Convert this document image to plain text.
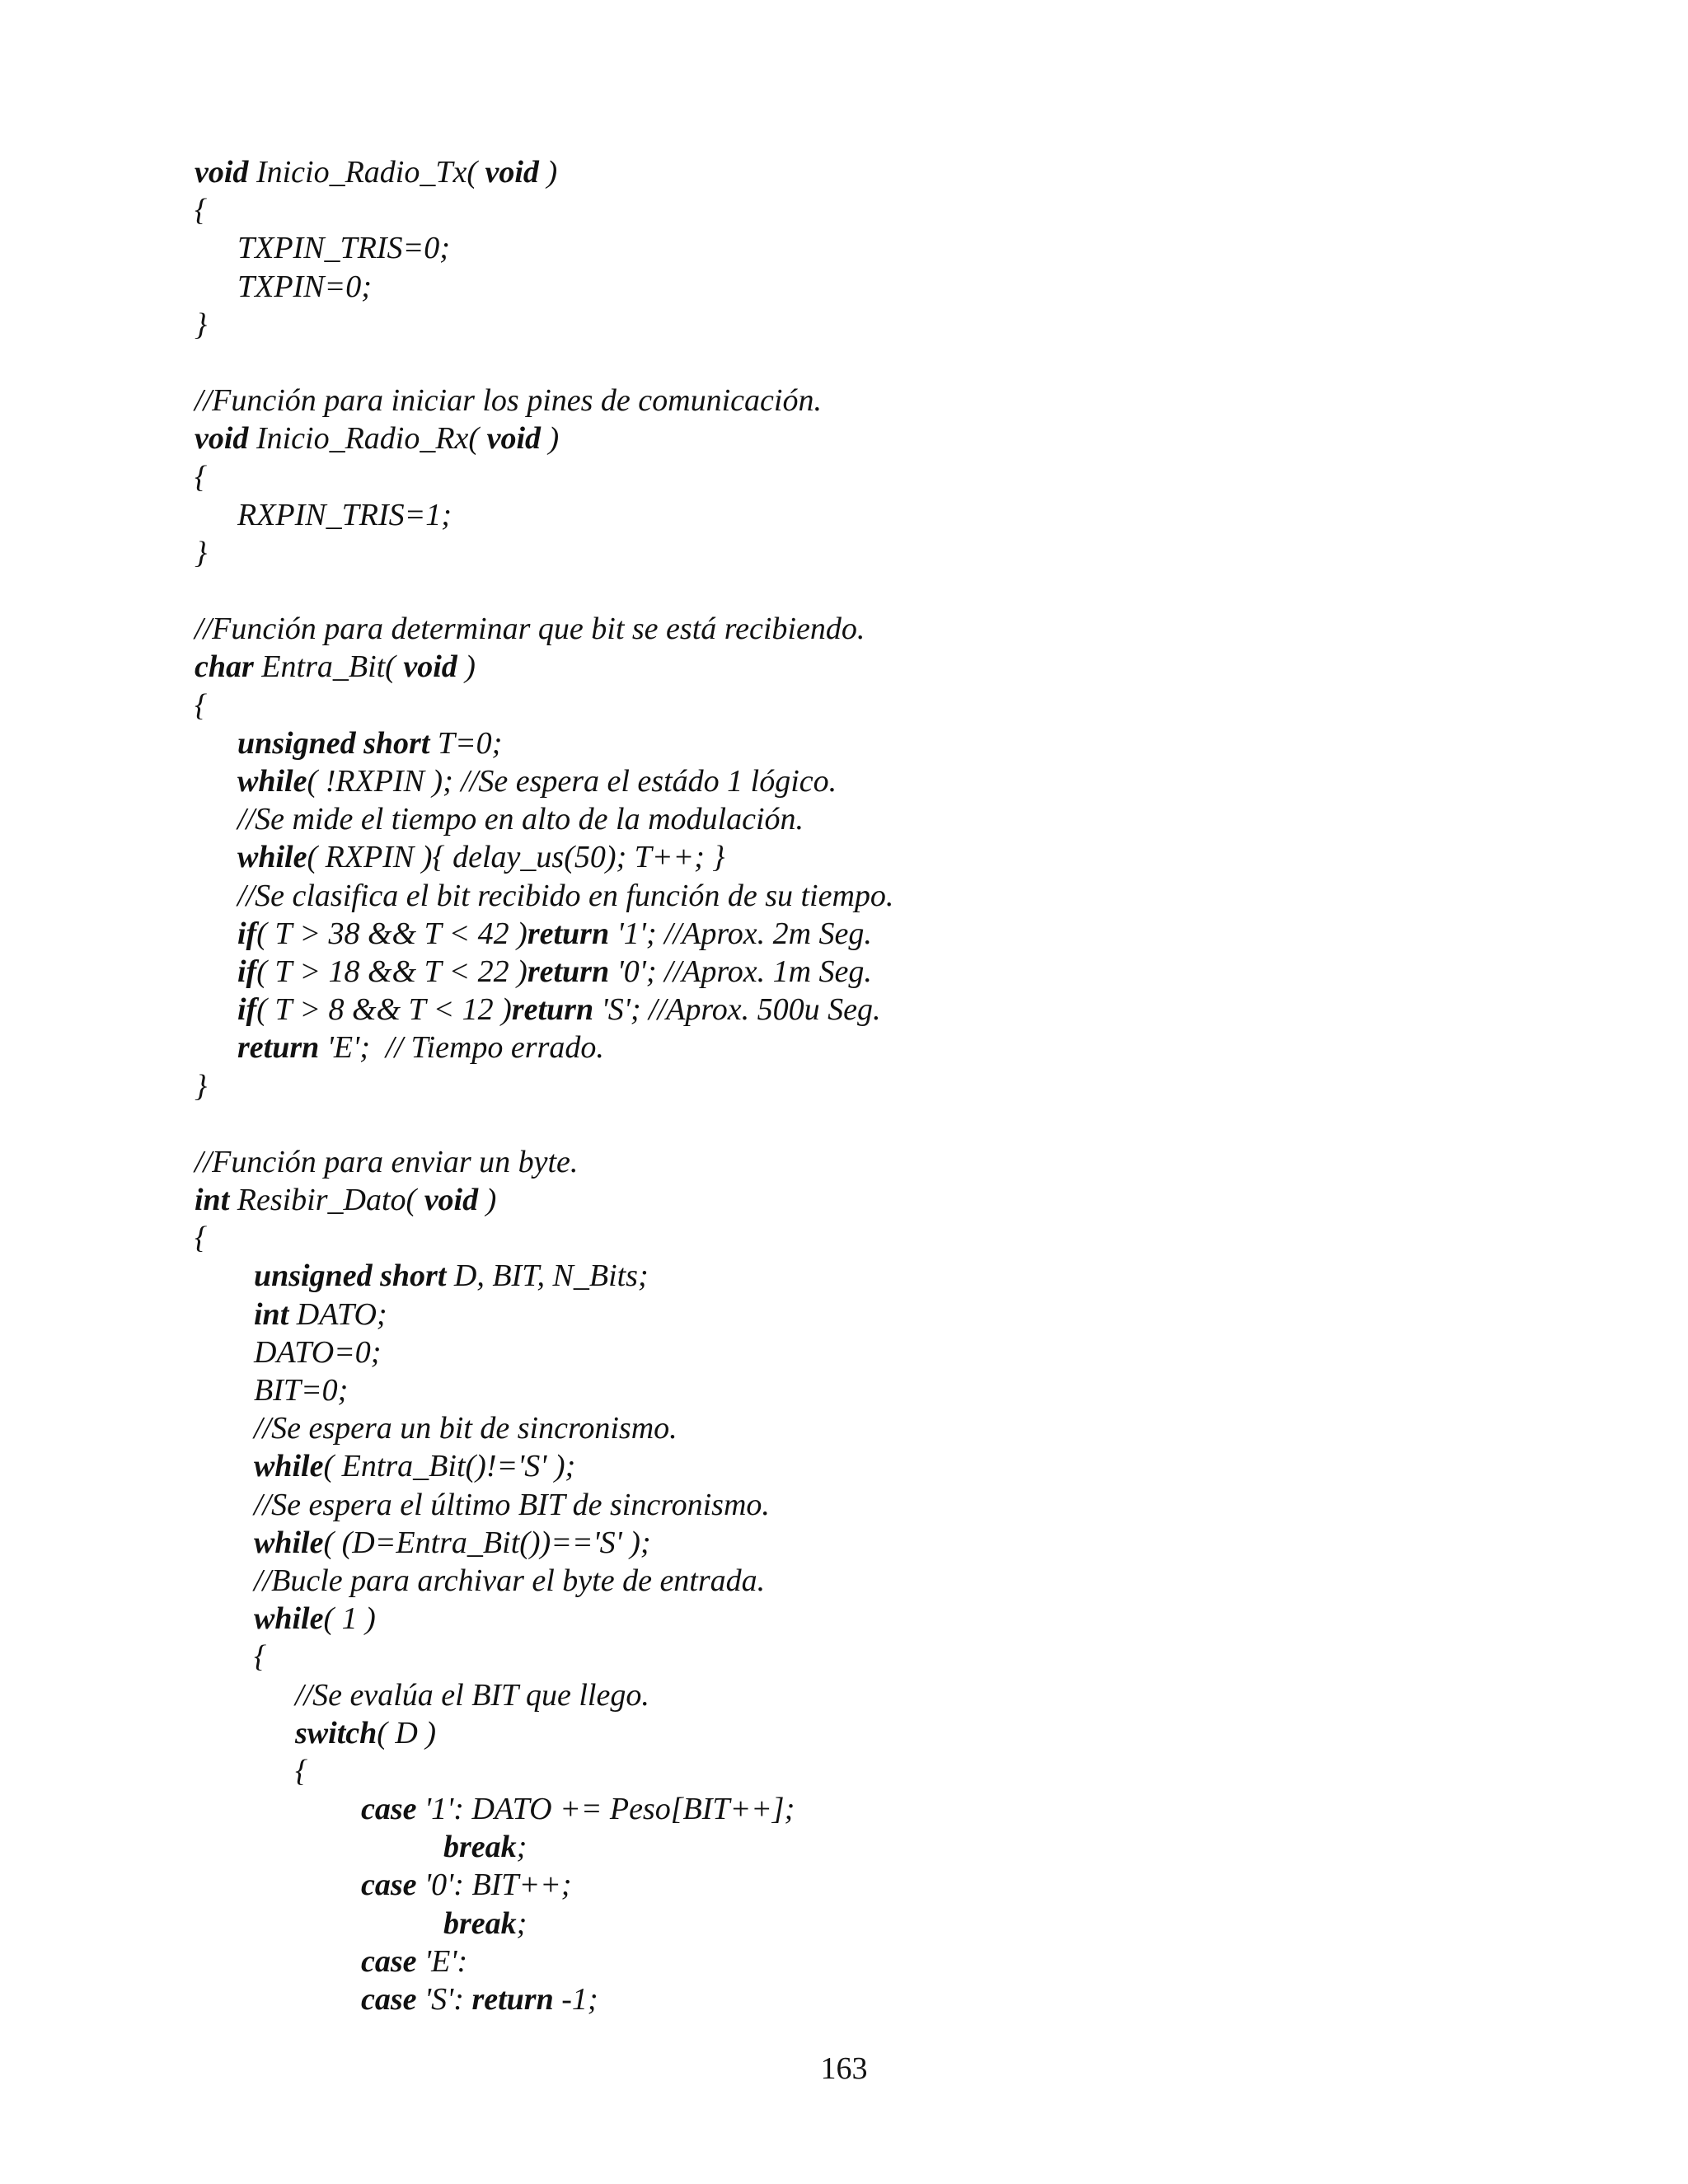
void Inicio_Radio_Tx( void )
{
TXPIN_TRIS=0;
TXPIN=0;
}
//Función para iniciar los pines de comunicación.
void Inicio_Radio_Rx( void )
{
RXPIN_TRIS=1;
}
//Función para determinar que bit se está recibiendo.
char Entra_Bit( void )
{
unsigned short T=0;
while( !RXPIN ); //Se espera el estádo 1 lógico.
//Se mide el tiempo en alto de la modulación.
while( RXPIN ){ delay_us(50); T++; }
//Se clasifica el bit recibido en función de su tiempo.
if( T > 38 && T < 42 )return '1'; //Aprox. 2m Seg.
if( T > 18 && T < 22 )return '0'; //Aprox. 1m Seg.
if( T > 8 && T < 12 )return 'S'; //Aprox. 500u Seg.
return 'E';  // Tiempo errado.
}
//Función para enviar un byte.
int Resibir_Dato( void )
{
unsigned short D, BIT, N_Bits;
int DATO;
DATO=0;
BIT=0;
//Se espera un bit de sincronismo.
while( Entra_Bit()!='S' );
//Se espera el último BIT de sincronismo.
while( (D=Entra_Bit())=='S' );
//Bucle para archivar el byte de entrada.
while( 1 )
{
//Se evalúa el BIT que llego.
switch( D )
{
case '1': DATO += Peso[BIT++];
break;
case '0': BIT++;
break;
case 'E':
case 'S': return -1;
163
